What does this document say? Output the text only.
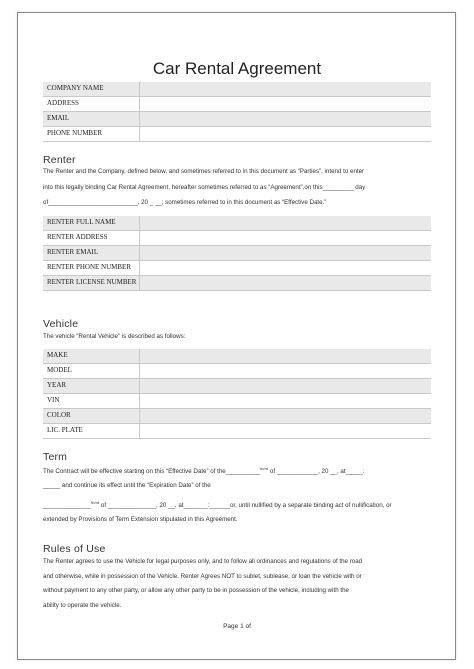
Car Rental Agreement
COMPANY NAME
ADDRESS
EMAIL
PHONE NUMBER
Renter
The Renter and the Company, defined below, and sometimes referred to in this document as “Parties”, intend to enter
into this legally binding Car Rental Agreement, hereafter sometimes referred to as “Agreement”,on this_________ day
of__________________________, 20 _ __; sometimes referred to in this document as “Effective Date.”
RENTER FULL NAME
RENTER ADDRESS
RENTER EMAIL
RENTER PHONE NUMBER
RENTER LICENSE NUMBER
Vehicle
The vehicle “Rental Vehicle” is described as follows:
MAKE
MODEL
YEAR
VIN
COLOR
LIC. PLATE
Term
The Contract will be effective starting on this “Effective Date” of the__________$^{th/rd}$ of ____________, 20 __, at_____:
_____ and continue its effect until the “Expiration Date” of the
______________$^{th/rd}$ of ______________, 20 __, at_______:______or, until nullified by a separate binding act of nullification, or
extended by Provisions of Term Extension stipulated in this Agreement.
Rules of Use
The Renter agrees to use the Vehicle for legal purposes only, and to follow all ordinances and regulations of the road
and otherwise, while in possession of the Vehicle. Renter Agrees NOT to sublet, sublease, or loan the vehicle with or
without payment to any other party, or allow any other party to be in possession of the vehicle, including with the
ability to operate the vehicle.
Page 1 of
